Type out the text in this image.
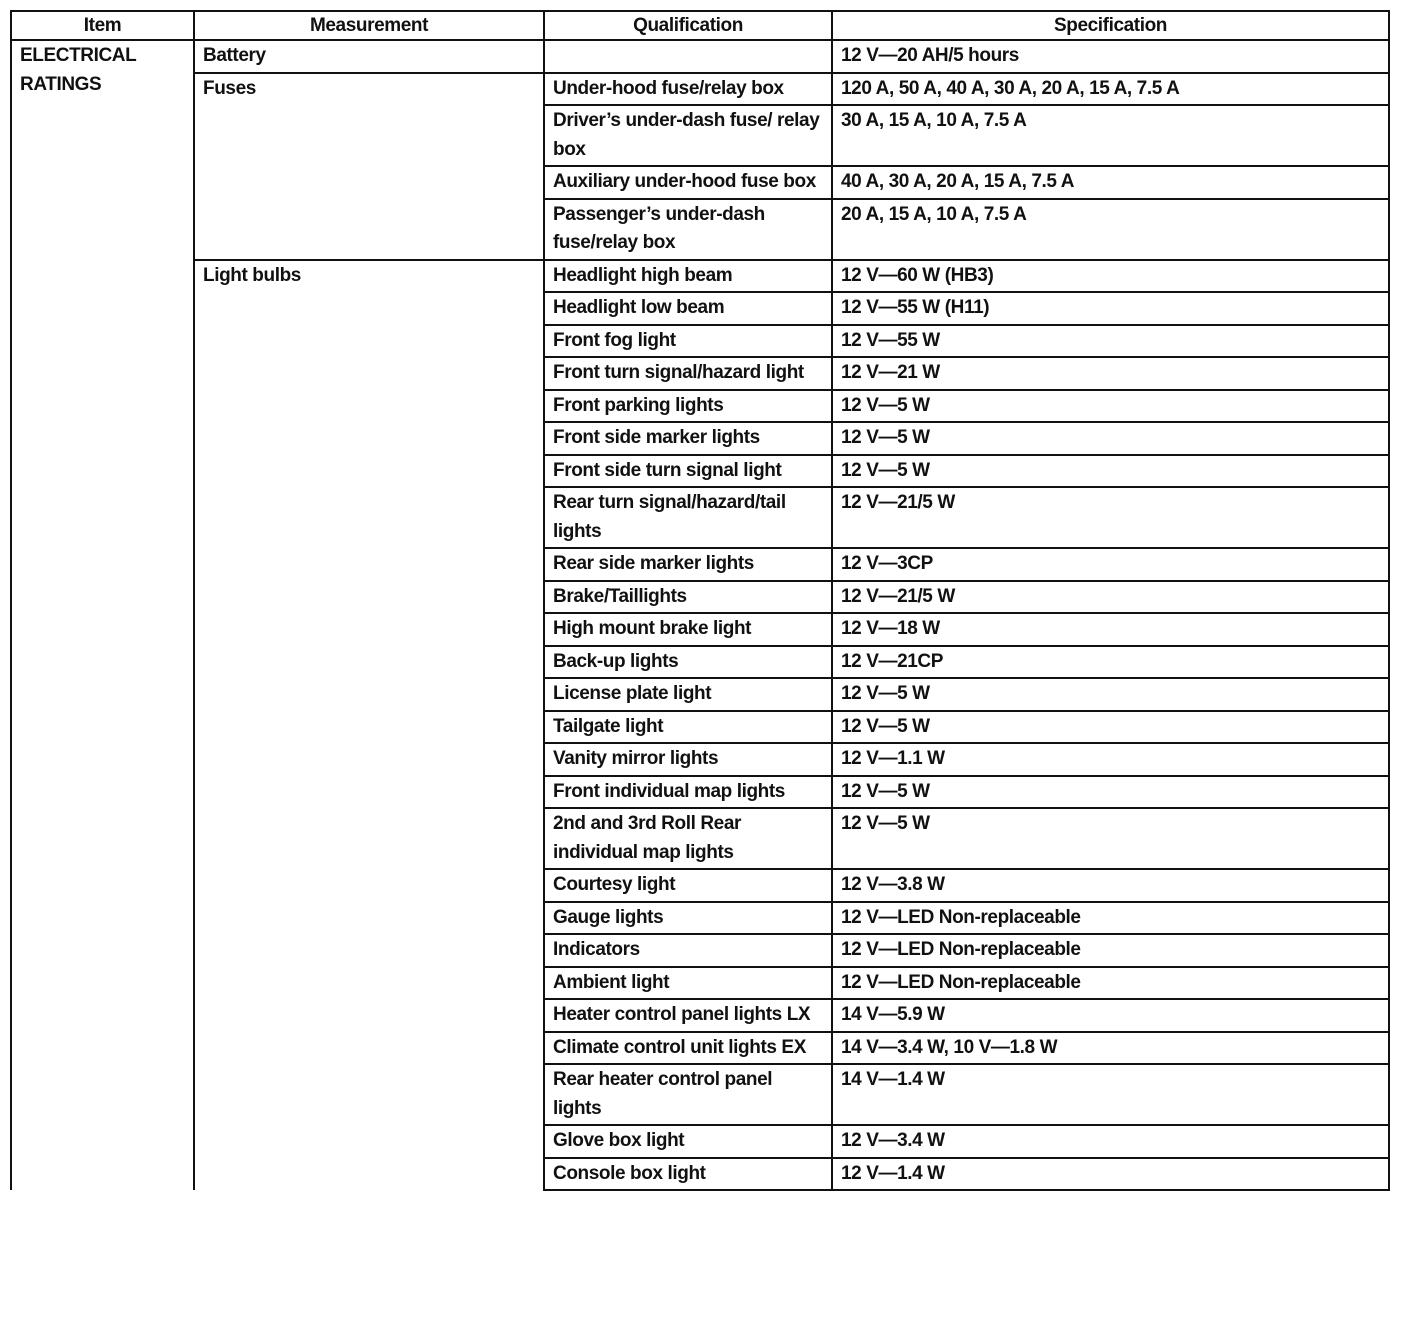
Item	Measurement	Qualification	Specification
ELECTRICAL
RATINGS	Battery		12 V—20 AH/5 hours
	Fuses	Under-hood fuse/relay box	120 A, 50 A, 40 A, 30 A, 20 A, 15 A, 7.5 A
		Driver’s under-dash fuse/ relay box	30 A, 15 A, 10 A, 7.5 A
		Auxiliary under-hood fuse box	40 A, 30 A, 20 A, 15 A, 7.5 A
		Passenger’s under-dash fuse/relay box	20 A, 15 A, 10 A, 7.5 A
	Light bulbs	Headlight high beam	12 V—60 W (HB3)
		Headlight low beam	12 V—55 W (H11)
		Front fog light	12 V—55 W
		Front turn signal/hazard light	12 V—21 W
		Front parking lights	12 V—5 W
		Front side marker lights	12 V—5 W
		Front side turn signal light	12 V—5 W
		Rear turn signal/hazard/tail lights	12 V—21/5 W
		Rear side marker lights	12 V—3CP
		Brake/Taillights	12 V—21/5 W
		High mount brake light	12 V—18 W
		Back-up lights	12 V—21CP
		License plate light	12 V—5 W
		Tailgate light	12 V—5 W
		Vanity mirror lights	12 V—1.1 W
		Front individual map lights	12 V—5 W
		2nd and 3rd Roll Rear individual map lights	12 V—5 W
		Courtesy light	12 V—3.8 W
		Gauge lights	12 V—LED Non-replaceable
		Indicators	12 V—LED Non-replaceable
		Ambient light	12 V—LED Non-replaceable
		Heater control panel lights LX	14 V—5.9 W
		Climate control unit lights EX	14 V—3.4 W, 10 V—1.8 W
		Rear heater control panel lights	14 V—1.4 W
		Glove box light	12 V—3.4 W
		Console box light	12 V—1.4 W
